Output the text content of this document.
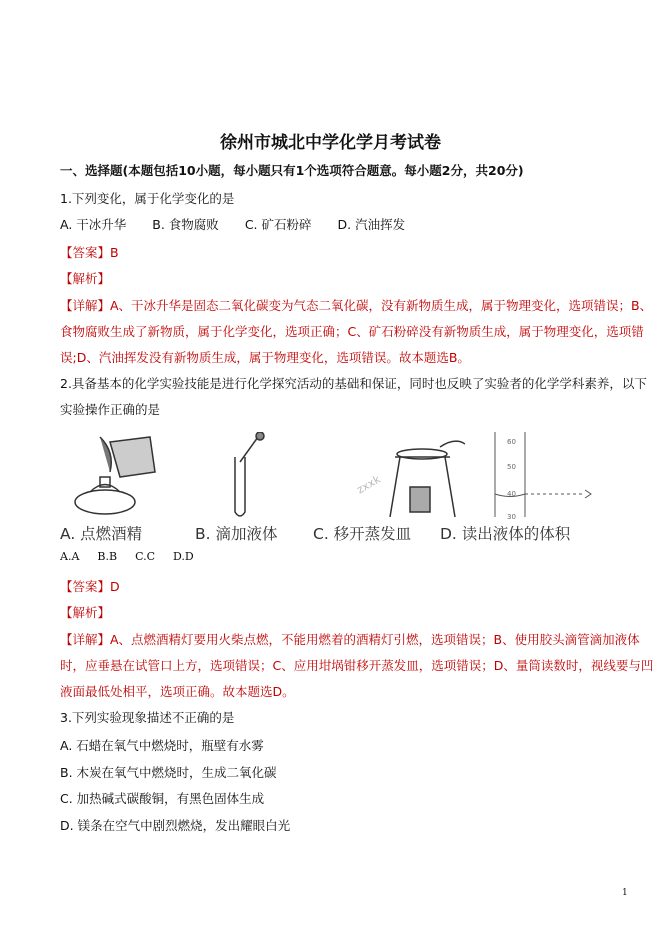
徐州市城北中学化学月考试卷
一、选择题(本题包括10小题，每小题只有1个选项符合题意。每小题2分，共20分)
1.下列变化，属于化学变化的是
A. 干冰升华 B. 食物腐败 C. 矿石粉碎 D. 汽油挥发
【答案】B
【解析】
【详解】A、干冰升华是固态二氧化碳变为气态二氧化碳，没有新物质生成，属于物理变化，选项错误；B、
食物腐败生成了新物质，属于化学变化，选项正确；C、矿石粉碎没有新物质生成，属于物理变化，选项错
误;D、汽油挥发没有新物质生成，属于物理变化，选项错误。故本题选B。
2.具备基本的化学实验技能是进行化学探究活动的基础和保证，同时也反映了实验者的化学学科素养，以下
实验操作正确的是
zxxk
60
50
40
30
A. 点燃酒精	B. 滴加液体 C. 移开蒸发皿 D. 读出液体的体积
A.A B.B C.C D.D
【答案】D
【解析】
【详解】A、点燃酒精灯要用火柴点燃，不能用燃着的酒精灯引燃，选项错误；B、使用胶头滴管滴加液体
时，应垂悬在试管口上方，选项错误；C、应用坩埚钳移开蒸发皿，选项错误；D、量筒读数时，视线要与凹
液面最低处相平，选项正确。故本题选D。
3.下列实验现象描述不正确的是
A. 石蜡在氧气中燃烧时，瓶壁有水雾
B. 木炭在氧气中燃烧时，生成二氧化碳
C. 加热碱式碳酸铜，有黑色固体生成
D. 镁条在空气中剧烈燃烧，发出耀眼白光
1
